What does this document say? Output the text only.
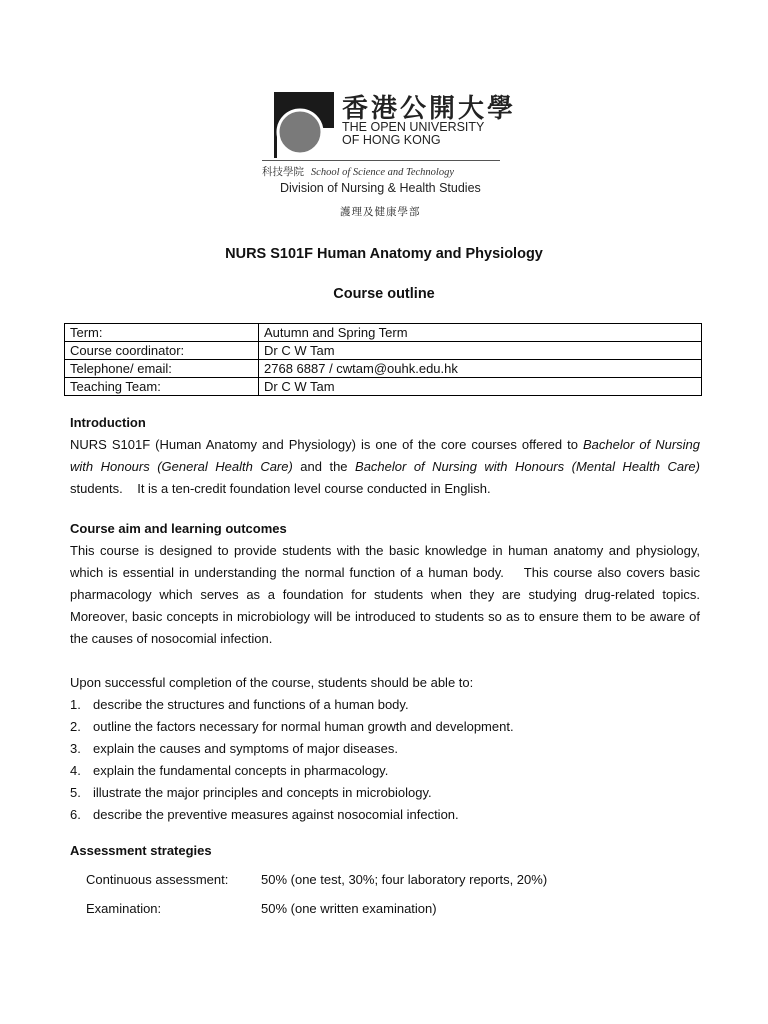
香港公開大學
THE OPEN UNIVERSITY
OF HONG KONG
科技學院 School of Science and Technology
Division of Nursing & Health Studies
護理及健康學部
NURS S101F Human Anatomy and Physiology
Course outline
Term:	Autumn and Spring Term
Course coordinator:	Dr C W Tam
Telephone/ email:	2768 6887 / cwtam@ouhk.edu.hk
Teaching Team:	Dr C W Tam
Introduction
NURS S101F (Human Anatomy and Physiology) is one of the core courses offered to Bachelor of Nursing with Honours (General Health Care) and the Bachelor of Nursing with Honours (Mental Health Care) students.    It is a ten-credit foundation level course conducted in English.
Course aim and learning outcomes
This course is designed to provide students with the basic knowledge in human anatomy and physiology, which is essential in understanding the normal function of a human body.    This course also covers basic pharmacology which serves as a foundation for students when they are studying drug-related topics.    Moreover, basic concepts in microbiology will be introduced to students so as to ensure them to be aware of the causes of nosocomial infection.
Upon successful completion of the course, students should be able to:
1. describe the structures and functions of a human body.
2. outline the factors necessary for normal human growth and development.
3. explain the causes and symptoms of major diseases.
4. explain the fundamental concepts in pharmacology.
5. illustrate the major principles and concepts in microbiology.
6. describe the preventive measures against nosocomial infection.
Assessment strategies
Continuous assessment:	50% (one test, 30%; four laboratory reports, 20%)
Examination:	50% (one written examination)
